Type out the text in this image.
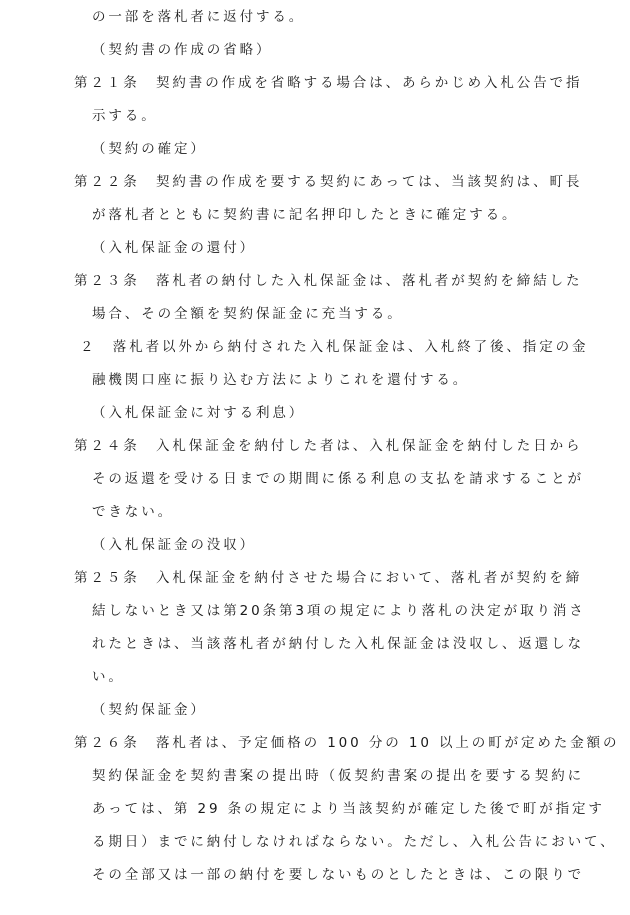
の一部を落札者に返付する。
（契約書の作成の省略）
第２１条　契約書の作成を省略する場合は、あらかじめ入札公告で指
示する。
（契約の確定）
第２２条　契約書の作成を要する契約にあっては、当該契約は、町長
が落札者とともに契約書に記名押印したときに確定する。
（入札保証金の還付）
第２３条　落札者の納付した入札保証金は、落札者が契約を締結した
場合、その全額を契約保証金に充当する。
２　落札者以外から納付された入札保証金は、入札終了後、指定の金
融機関口座に振り込む方法によりこれを還付する。
（入札保証金に対する利息）
第２４条　入札保証金を納付した者は、入札保証金を納付した日から
その返還を受ける日までの期間に係る利息の支払を請求することが
できない。
（入札保証金の没収）
第２５条　入札保証金を納付させた場合において、落札者が契約を締
結しないとき又は第20条第3項の規定により落札の決定が取り消さ
れたときは、当該落札者が納付した入札保証金は没収し、返還しな
い。
（契約保証金）
第２６条　落札者は、予定価格の 100 分の 10 以上の町が定めた金額の
契約保証金を契約書案の提出時（仮契約書案の提出を要する契約に
あっては、第 29 条の規定により当該契約が確定した後で町が指定す
る期日）までに納付しなければならない。ただし、入札公告において、
その全部又は一部の納付を要しないものとしたときは、この限りで
